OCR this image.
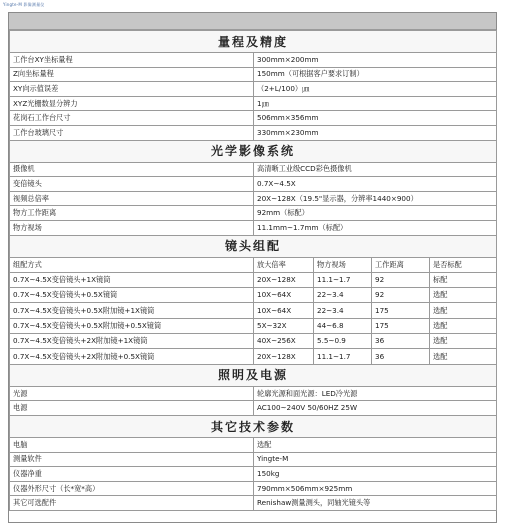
Yingte-M 影像测量仪
量程及精度				
工作台XY坐标量程	300mm×200mm			
Z向坐标量程	150mm（可根据客户要求订制）			
XY向示值误差	（2+L/100）㎛			
XYZ光栅数显分辨力	1㎛			
花岗石工作台尺寸	506mm×356mm			
工作台玻璃尺寸	330mm×230mm			
光学影像系统				
摄像机	高清晰工业级CCD彩色摄像机			
变倍镜头	0.7X~4.5X			
视频总倍率	20X~128X（19.5"显示器，分辨率1440×900）			
物方工作距离	92mm（标配）			
物方视场	11.1mm~1.7mm（标配）			
镜头组配				
组配方式	放大倍率	物方视场	工作距离	是否标配
0.7X~4.5X变倍镜头+1X镜筒	20X~128X	11.1~1.7	92	标配
0.7X~4.5X变倍镜头+0.5X镜筒	10X~64X	22~3.4	92	选配
0.7X~4.5X变倍镜头+0.5X附加镜+1X镜筒	10X~64X	22~3.4	175	选配
0.7X~4.5X变倍镜头+0.5X附加镜+0.5X镜筒	5X~32X	44~6.8	175	选配
0.7X~4.5X变倍镜头+2X附加镜+1X镜筒	40X~256X	5.5~0.9	36	选配
0.7X~4.5X变倍镜头+2X附加镜+0.5X镜筒	20X~128X	11.1~1.7	36	选配
照明及电源				
光源	轮廓光源和面光源：LED冷光源			
电源	AC100~240V 50/60HZ 25W			
其它技术参数				
电脑	选配			
测量软件	Yingte-M			
仪器净重	150kg			
仪器外形尺寸（长*宽*高）	790mm×506mm×925mm			
其它可选配件	Renishaw测量测头，同轴光镜头等			
